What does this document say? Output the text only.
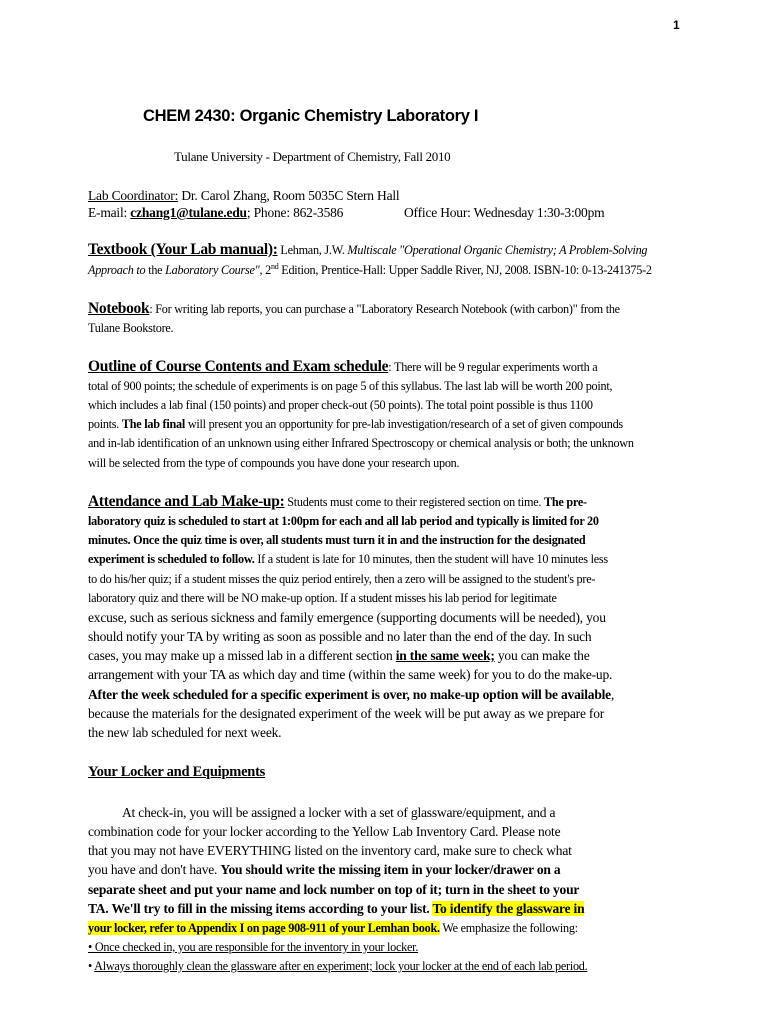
1
CHEM 2430: Organic Chemistry Laboratory I
Tulane University - Department of Chemistry, Fall 2010
Lab Coordinator: Dr. Carol Zhang, Room 5035C Stern Hall
E-mail: czhang1@tulane.edu; Phone: 862-3586	Office Hour: Wednesday 1:30-3:00pm
Textbook (Your Lab manual): Lehman, J.W. Multiscale "Operational Organic Chemistry; A Problem-Solving
Approach to the Laboratory Course", 2nd Edition, Prentice-Hall: Upper Saddle River, NJ, 2008. ISBN-10: 0-13-241375-2
Notebook: For writing lab reports, you can purchase a "Laboratory Research Notebook (with carbon)" from the
Tulane Bookstore.
Outline of Course Contents and Exam schedule: There will be 9 regular experiments worth a
total of 900 points; the schedule of experiments is on page 5 of this syllabus. The last lab will be worth 200 point,
which includes a lab final (150 points) and proper check-out (50 points). The total point possible is thus 1100
points. The lab final will present you an opportunity for pre-lab investigation/research of a set of given compounds
and in-lab identification of an unknown using either Infrared Spectroscopy or chemical analysis or both; the unknown
will be selected from the type of compounds you have done your research upon.
Attendance and Lab Make-up: Students must come to their registered section on time. The pre-
laboratory quiz is scheduled to start at 1:00pm for each and all lab period and typically is limited for 20
minutes. Once the quiz time is over, all students must turn it in and the instruction for the designated
experiment is scheduled to follow. If a student is late for 10 minutes, then the student will have 10 minutes less
to do his/her quiz; if a student misses the quiz period entirely, then a zero will be assigned to the student's pre-
laboratory quiz and there will be NO make-up option. If a student misses his lab period for legitimate
excuse, such as serious sickness and family emergence (supporting documents will be needed), you
should notify your TA by writing as soon as possible and no later than the end of the day. In such
cases, you may make up a missed lab in a different section in the same week; you can make the
arrangement with your TA as which day and time (within the same week) for you to do the make-up.
After the week scheduled for a specific experiment is over, no make-up option will be available,
because the materials for the designated experiment of the week will be put away as we prepare for
the new lab scheduled for next week.
Your Locker and Equipments
At check-in, you will be assigned a locker with a set of glassware/equipment, and a
combination code for your locker according to the Yellow Lab Inventory Card. Please note
that you may not have EVERYTHING listed on the inventory card, make sure to check what
you have and don't have. You should write the missing item in your locker/drawer on a
separate sheet and put your name and lock number on top of it; turn in the sheet to your
TA. We'll try to fill in the missing items according to your list. To identify the glassware in
your locker, refer to Appendix I on page 908-911 of your Lemhan book. We emphasize the following:
• Once checked in, you are responsible for the inventory in your locker.
• Always thoroughly clean the glassware after en experiment; lock your locker at the end of each lab period.
